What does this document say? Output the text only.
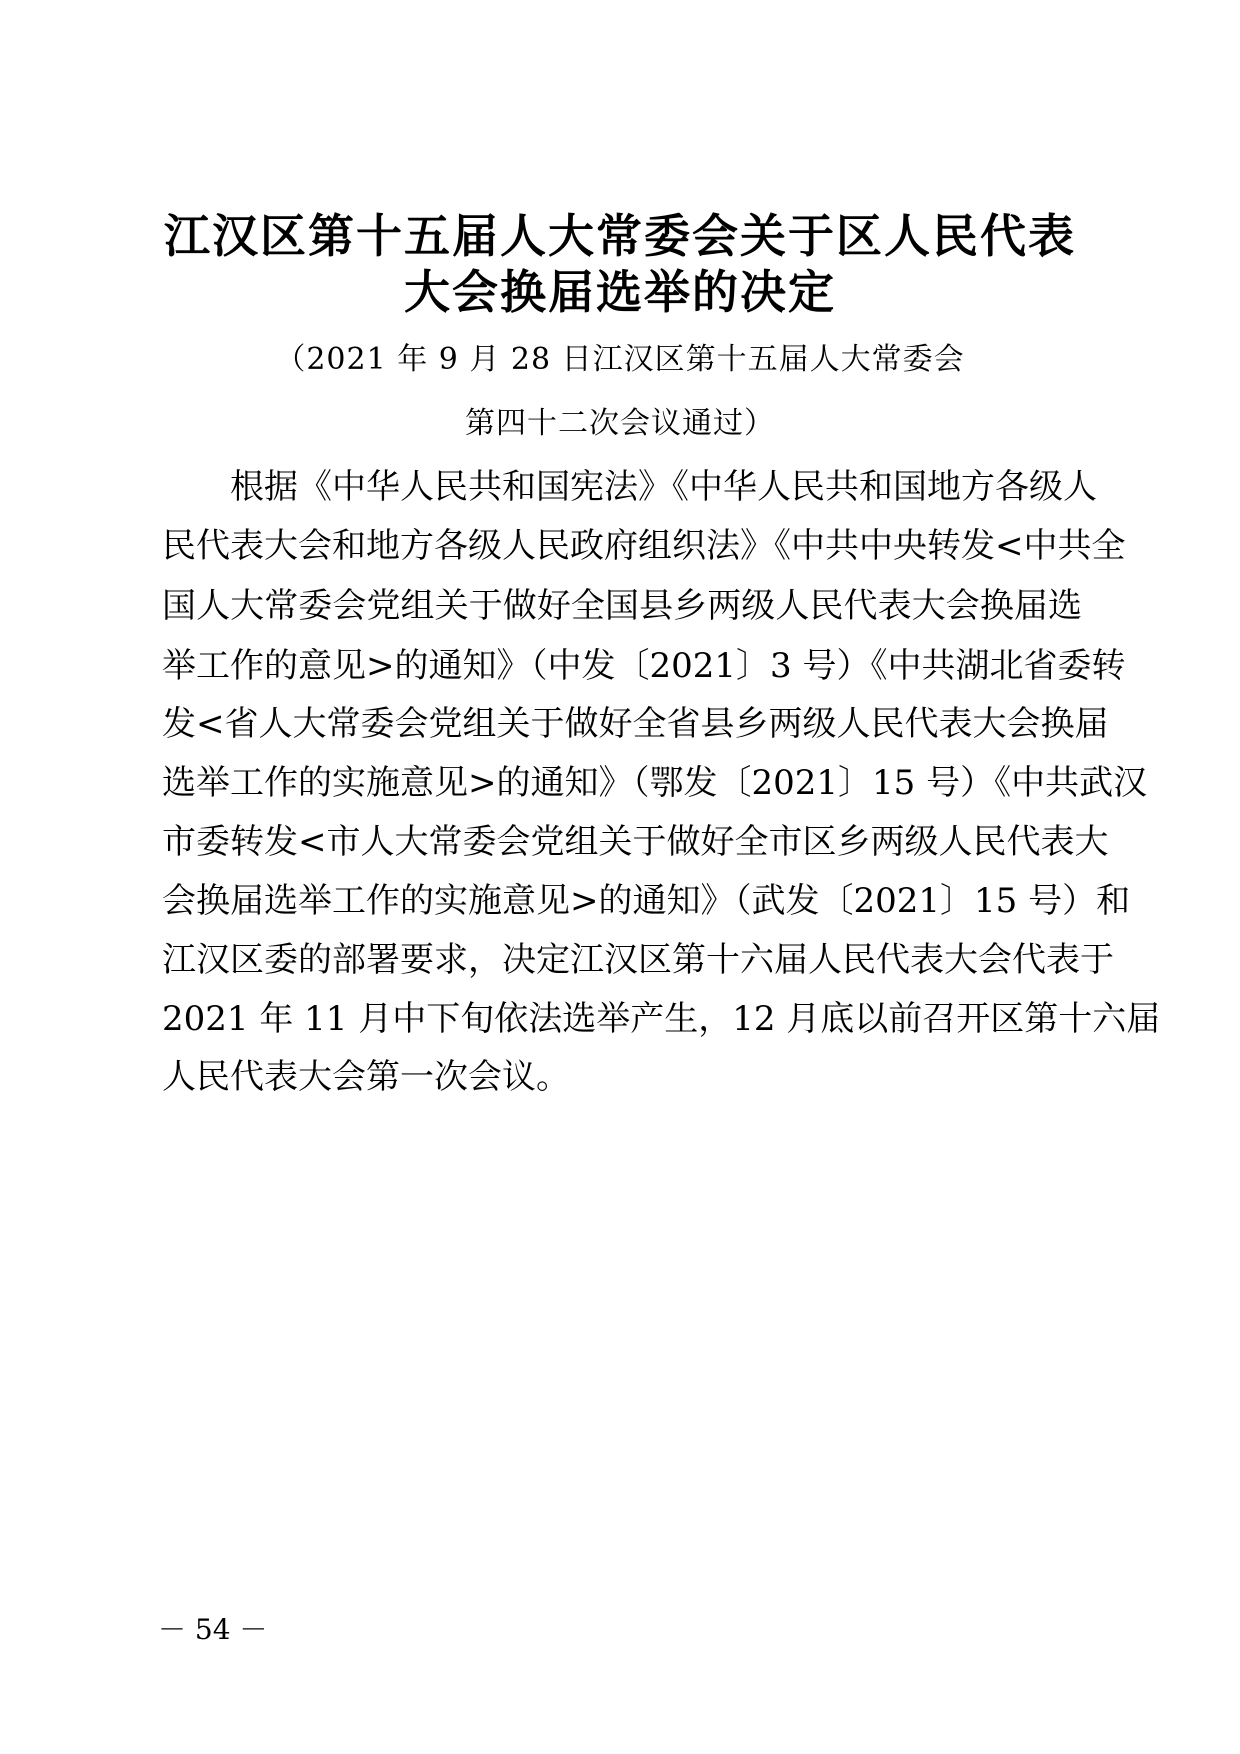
江汉区第十五届人大常委会关于区人民代表
大会换届选举的决定

（2021 年 9 月 28 日江汉区第十五届人大常委会

第四十二次会议通过）

根据《中华人民共和国宪法》《中华人民共和国地方各级人

民代表大会和地方各级人民政府组织法》《中共中央转发<中共全

国人大常委会党组关于做好全国县乡两级人民代表大会换届选

举工作的意见>的通知》（中发〔2021〕3 号）《中共湖北省委转

发<省人大常委会党组关于做好全省县乡两级人民代表大会换届

选举工作的实施意见>的通知》（鄂发〔2021〕15 号）《中共武汉

市委转发<市人大常委会党组关于做好全市区乡两级人民代表大

会换届选举工作的实施意见>的通知》（武发〔2021〕15 号）和

江汉区委的部署要求，决定江汉区第十六届人民代表大会代表于

2021 年 11 月中下旬依法选举产生，12 月底以前召开区第十六届

人民代表大会第一次会议。

－ 54 －
